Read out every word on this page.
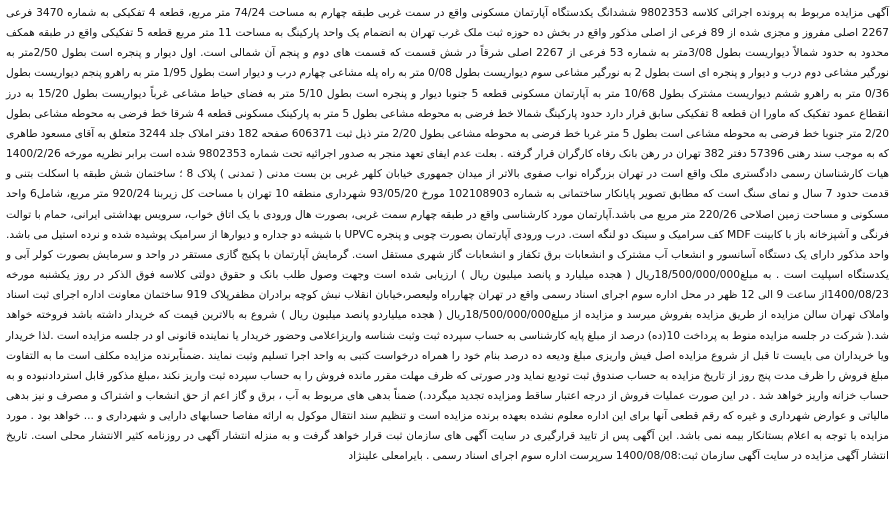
آگهی مزایده مربوط به پرونده اجرائی کلاسه 9802353 ششدانگ یکدستگاه آپارتمان مسکونی واقع در سمت غربی طبقه چهارم به مساحت 74/24 متر مربع، قطعه 4 تفکیکی به شماره 3470 فرعی 2267 اصلی مفروز و مجزی شده از 89 فرعی از اصلی مذکور واقع در بخش ده حوزه ثبت ملک غرب تهران به انضمام یک واحد پارکینگ به مساحت 11 متر مربع قطعه 5 تفکیکی واقع در طبقه همکف محدود به حدود شمالاً دیواریست بطول 3/08متر به شماره 53 فرعی از 2267 اصلی شرقاً در شش قسمت که قسمت های دوم و پنجم آن شمالی است. اول دیوار و پنجره است بطول 2/50متر به نورگیر مشاعی دوم درب و دیوار و پنجره ای است بطول 2 به نورگیر مشاعی سوم دیواریست بطول 0/08 متر به راه پله مشاعی چهارم درب و دیوار است بطول 1/95 متر به راهرو پنجم دیواریست بطول 0/36 متر به راهرو ششم دیواریست مشترک بطول 10/68 متر به آپارتمان مسکونی قطعه 5 جنوبا دیوار و پنجره است بطول 5/10 متر به فضای حیاط مشاعی غرباً دیواریست بطول 15/20 به درز انقطاع عمود تفکیک که ماورا ان قطعه 8 تفکیکی سابق قرار دارد حدود پارکینگ شمالا خط فرضی به محوطه مشاعی بطول 5 متر به پارکینک مسکونی قطعه 4 شرقا خط فرضی به محوطه مشاعی بطول 2/20 متر جنوبا خط فرضی به محوطه مشاعی است بطول 5 متر غربا خط فرضی به محوطه مشاعی بطول 2/20 متر ذیل ثبت 606371 صفحه 182 دفتر املاک جلد 3244 متعلق به آقای مسعود طاهری که به موجب سند رهنی 57396 دفتر 382 تهران در رهن بانک رفاه کارگران قرار گرفته . بعلت عدم ایفای تعهد منجر به صدور اجرائیه تحت شماره 9802353 شده است برابر نظریه مورخه 1400/2/26 هیات کارشناسان رسمی دادگستری ملک واقع است در تهران بزرگراه نواب صفوی بالاتر از میدان جمهوری خیابان کلهر غربی بن بست مدنی ( تمدنی ) پلاک 8 ؛ ساختمان شش طبقه با اسکلت بتنی و قدمت حدود 7 سال و نمای سنگ است که مطابق تصویر پایانکار ساختمانی به شماره 102108903 مورخ 93/05/20 شهرداری منطقه 10 تهران با مساحت کل زیربنا 920/24 متر مربع، شامل6 واحد مسکونی و مساحت زمین اصلاحی 220/26 متر مربع می باشد.آپارتمان مورد کارشناسی واقع در طبقه چهارم سمت غربی، بصورت هال ورودی با یک اتاق خواب، سرویس بهداشتی ایرانی، حمام با توالت فرنگی و آشپزخانه باز با کابینت MDF کف سرامیک و سینک دو لنگه است. درب ورودی آپارتمان بصورت چوبی و پنجره UPVC با شیشه دو جداره و دیوارها از سرامیک پوشیده شده و نرده استیل می باشد. واحد مذکور دارای یک دستگاه آسانسور و انشعاب آب مشترک و انشعابات برق تکفاز و انشعابات گاز شهری مستقل است. گرمایش آپارتمان با پکیج گازی مستقر در واحد و سرمایش بصورت کولر آبی و یکدستگاه اسپلیت است . به مبلغ18/500/000/000ریال ( هجده میلیارد و پانصد میلیون ریال ) ارزیابی شده است وجهت وصول طلب بانک و حقوق دولتی کلاسه فوق الذکر در روز یکشنبه مورخه 1400/08/23از ساعت 9 الی 12 ظهر در محل اداره سوم اجرای اسناد رسمی واقع در تهران چهارراه ولیعصر،خیابان انقلاب نبش کوچه برادران مظفرپلاک 919 ساختمان معاونت اداره اجرای ثبت اسناد واملاک تهران سالن مزایده از طریق مزایده بفروش میرسد و مزایده از مبلغ18/500/000/000ریال ( هجده میلیاردو پانصد میلیون ریال ) شروع به بالاترین قیمت که خریدار داشته باشد فروخته خواهد شد.( شرکت در جلسه مزایده منوط به پرداخت 10(ده) درصد از مبلغ پایه کارشناسی به حساب سپرده ثبت وثبت شناسه واریزاعلامی وحضور خریدار یا نماینده قانونی او در جلسه مزایده است .لذا خریدار ویا خریداران می بایست تا قبل از شروع مزایده اصل فیش واریزی مبلغ ودیعه ده درصد بنام خود را همراه درخواست کتبی به واحد اجرا تسلیم وثبت نمایند .ضمناًبرنده مزایده مکلف است ما به التفاوت مبلغ فروش را ظرف مدت پنج روز از تاریخ مزایده به حساب صندوق ثبت تودیع نماید ودر صورتی که ظرف مهلت مقرر مانده فروش را به حساب سپرده ثبت واریز نکند ،مبلغ مذکور قابل استردادنبوده و به حساب خزانه واریز خواهد شد . در این صورت عملیات فروش از درجه اعتبار ساقط ومزایده تجدید میگردد.) ضمناً بدهی های مربوط به آب ، برق و گاز اعم از حق انشعاب و اشتراک و مصرف و نیز بدهی مالیاتی و عوارض شهرداری و غیره که رقم قطعی آنها برای این اداره معلوم نشده بعهده برنده مزایده است و تنظیم سند انتقال موکول به ارائه مفاصا حسابهای دارایی و شهرداری و ... خواهد بود . مورد مزایده با توجه به اعلام بستانکار بیمه نمی باشد. این آگهی پس از تایید قرارگیری در سایت آگهی های سازمان ثبت قرار خواهد گرفت و به منزله انتشار آگهی در روزنامه کثیر الانتشار محلی است. تاریخ انتشار آگهی مزایده در سایت آگهی سازمان ثبت:1400/08/08 سرپرست اداره سوم اجرای اسناد رسمی . بایرامعلی علینژاد
